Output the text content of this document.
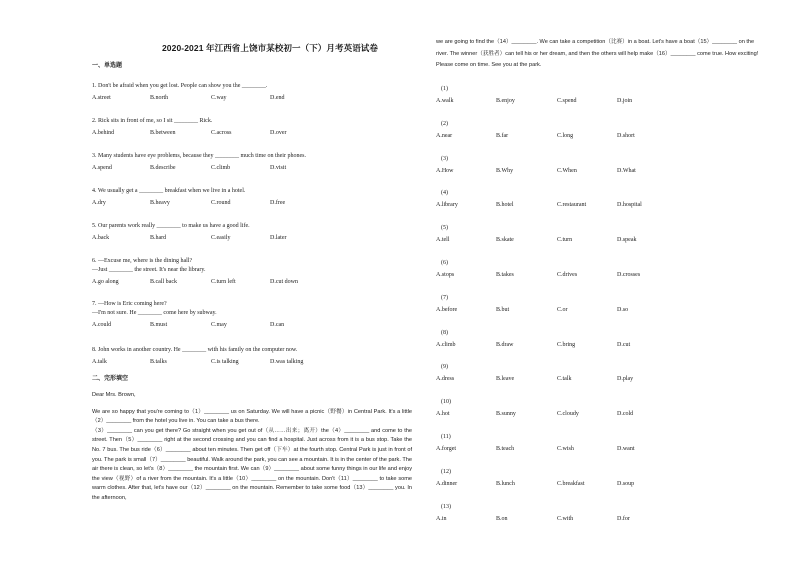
2020-2021 年江西省上饶市某校初一（下）月考英语试卷
一、单选题
1. Don't be afraid when you get lost. People can show you the ________.
A.street	B.north	C.way	D.end
2. Rick sits in front of me, so I sit ________ Rick.
A.behind	B.between	C.across	D.over
3. Many students have eye problems, because they ________ much time on their phones.
A.spend	B.describe	C.climb	D.visit
4. We usually get a ________ breakfast when we live in a hotel.
A.dry	B.heavy	C.round	D.free
5. Our parents work really ________ to make us have a good life.
A.back	B.hard	C.easily	D.later
6. —Excuse me, where is the dining hall?
—Just ________ the street. It's near the library.
A.go along	B.call back	C.turn left	D.cut down
7. —How is Eric coming here?
—I'm not sure. He ________ come here by subway.
A.could	B.must	C.may	D.can
8. John works in another country. He ________ with his family on the computer now.
A.talk	B.talks	C.is talking	D.was talking
二、完形填空

Dear Mrs. Brown,

We are so happy that you're coming to（1）________ us on Saturday. We will have a picnic（野餐）in Central Park. It's a little（2）________ from the hotel you live in. You can take a bus there.

（3）________ can you get there? Go straight when you get out of（从……出来；离开）the（4）________ and come to the street. Then（5）________ right at the second crossing and you can find a hospital. Just across from it is a bus stop. Take the No. 7 bus. The bus ride（6）________ about ten minutes. Then get off（下车）at the fourth stop. Central Park is just in front of you. The park is small（7）________ beautiful. Walk around the park, you can see a mountain. It is in the center of the park. The air there is clean, so let's（8）________ the mountain first. We can（9）________ about some funny things in our life and enjoy the view（视野）of a river from the mountain. It's a little（10）________ on the mountain. Don't（11）________ to take some warm clothes. After that, let's have our（12）________ on the mountain. Remember to take some food（13）________ you. In the afternoon,

we are going to find the（14）________. We can take a competition（比赛）in a boat. Let's have a boat（15）________ on the river. The winner（获胜者）can tell his or her dream, and then the others will help make（16）________ come true. How exciting! Please come on time. See you at the park.

(1)
A.walk	B.enjoy	C.spend	D.join
(2)
A.near	B.far	C.long	D.short
(3)
A.How	B.Why	C.When	D.What
(4)
A.library	B.hotel	C.restaurant	D.hospital
(5)
A.tell	B.skate	C.turn	D.speak
(6)
A.stops	B.takes	C.drives	D.crosses
(7)
A.before	B.but	C.or	D.so
(8)
A.climb	B.draw	C.bring	D.cut
(9)
A.dress	B.leave	C.talk	D.play
(10)
A.hot	B.sunny	C.cloudy	D.cold
(11)
A.forget	B.teach	C.wish	D.want
(12)
A.dinner	B.lunch	C.breakfast	D.soup
(13)
A.in	B.on	C.with	D.for
